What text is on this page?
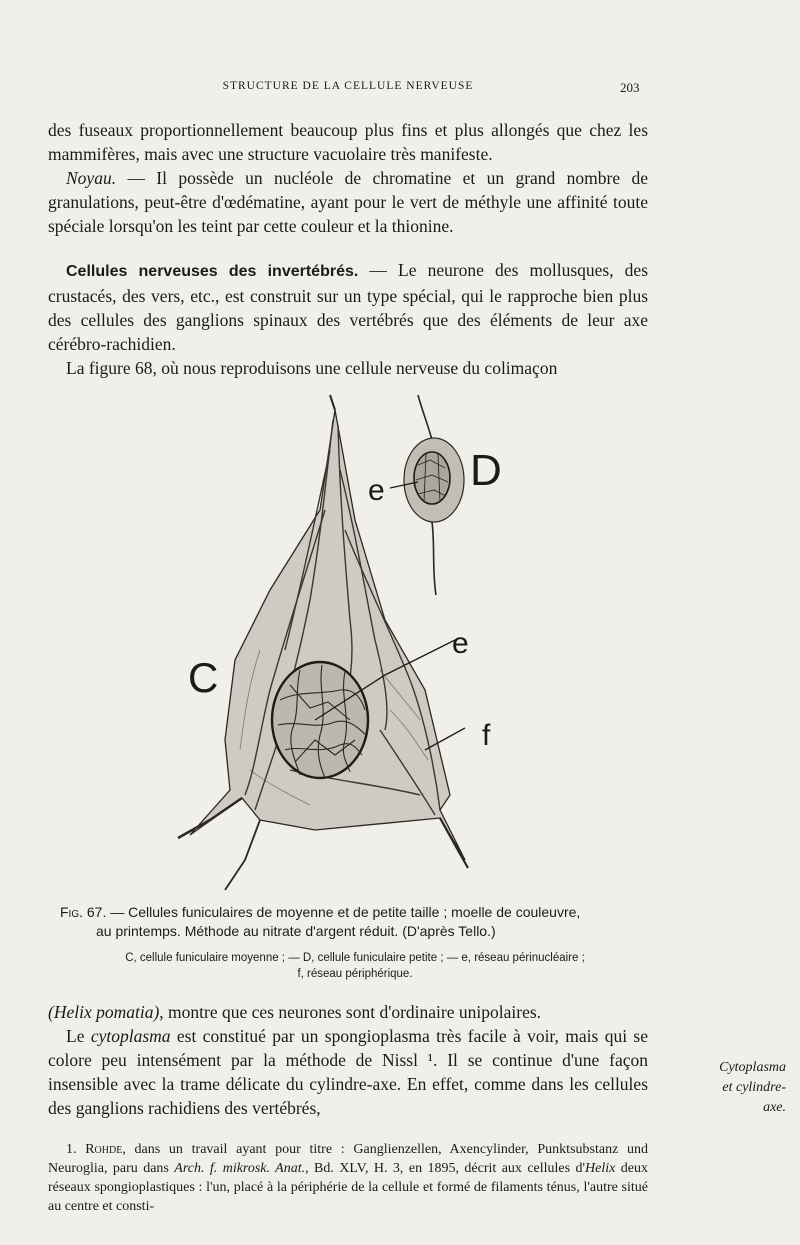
STRUCTURE DE LA CELLULE NERVEUSE	203

des fuseaux proportionnellement beaucoup plus fins et plus allongés que chez les mammifères, mais avec une structure vacuolaire très manifeste.

Noyau. — Il possède un nucléole de chromatine et un grand nombre de granulations, peut-être d'œdématine, ayant pour le vert de méthyle une affinité toute spéciale lorsqu'on les teint par cette couleur et la thionine.

Cellules nerveuses des invertébrés. — Le neurone des mollusques, des crustacés, des vers, etc., est construit sur un type spécial, qui le rapproche bien plus des cellules des ganglions spinaux des vertébrés que des éléments de leur axe cérébro-rachidien.

La figure 68, où nous reproduisons une cellule nerveuse du colimaçon

C
D
e
e
f
Fig. 67. — Cellules funiculaires de moyenne et de petite taille ; moelle de couleuvre,
au printemps. Méthode au nitrate d'argent réduit. (D'après Tello.)
C, cellule funiculaire moyenne ; — D, cellule funiculaire petite ; — e, réseau périnucléaire ;
f, réseau périphérique.

(Helix pomatia), montre que ces neurones sont d'ordinaire unipolaires.

Le cytoplasma est constitué par un spongioplasma très facile à voir, mais qui se colore peu intensément par la méthode de Nissl ¹. Il se continue d'une façon insensible avec la trame délicate du cylindre-axe. En effet, comme dans les cellules des ganglions rachidiens des vertébrés,

Cytoplasma
et cylindre-
axe.

1. Rohde, dans un travail ayant pour titre : Ganglienzellen, Axencylinder, Punktsubstanz und Neuroglia, paru dans Arch. f. mikrosk. Anat., Bd. XLV, H. 3, en 1895, décrit aux cellules d'Helix deux réseaux spongioplastiques : l'un, placé à la périphérie de la cellule et formé de filaments ténus, l'autre situé au centre et consti-
